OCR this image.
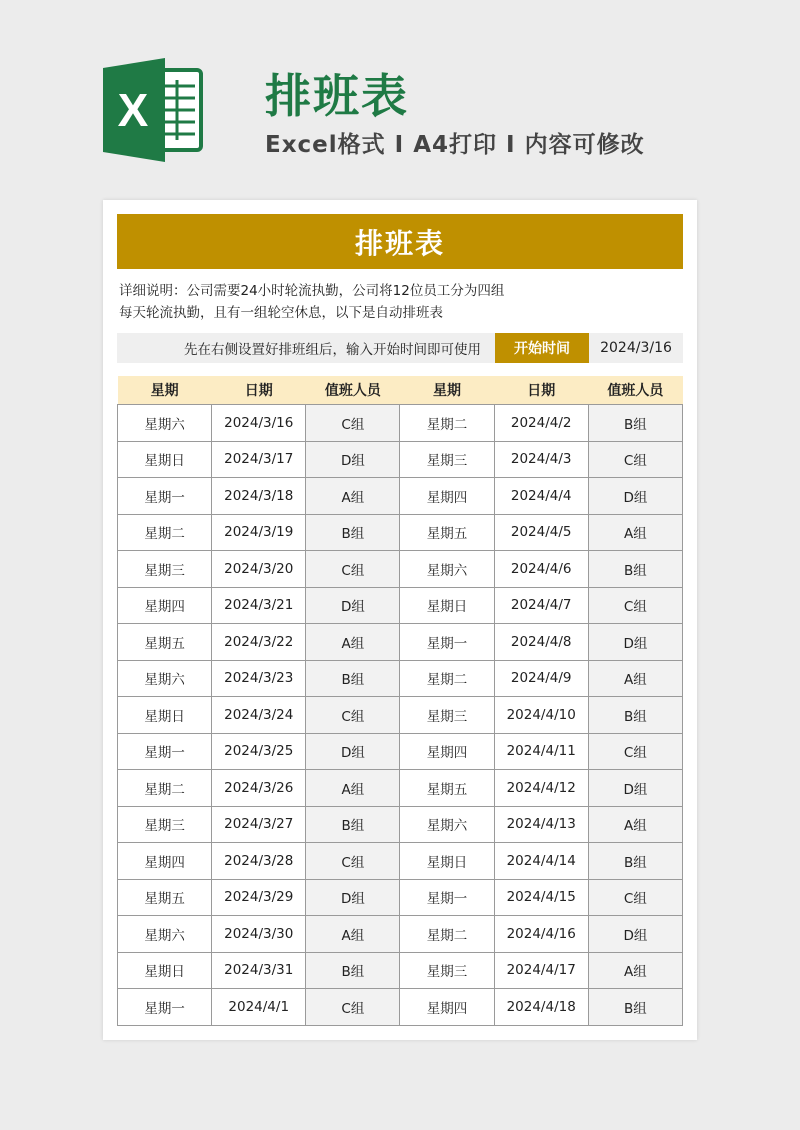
X	排班表
Excel格式 I A4打印 I 内容可修改
排班表
详细说明：公司需要24小时轮流执勤，公司将12位员工分为四组
每天轮流执勤，且有一组轮空休息，以下是自动排班表
先在右侧设置好排班组后，输入开始时间即可使用	开始时间	2024/3/16
星期	日期	值班人员	星期	日期	值班人员
星期六	2024/3/16	C组	星期二	2024/4/2	B组
星期日	2024/3/17	D组	星期三	2024/4/3	C组
星期一	2024/3/18	A组	星期四	2024/4/4	D组
星期二	2024/3/19	B组	星期五	2024/4/5	A组
星期三	2024/3/20	C组	星期六	2024/4/6	B组
星期四	2024/3/21	D组	星期日	2024/4/7	C组
星期五	2024/3/22	A组	星期一	2024/4/8	D组
星期六	2024/3/23	B组	星期二	2024/4/9	A组
星期日	2024/3/24	C组	星期三	2024/4/10	B组
星期一	2024/3/25	D组	星期四	2024/4/11	C组
星期二	2024/3/26	A组	星期五	2024/4/12	D组
星期三	2024/3/27	B组	星期六	2024/4/13	A组
星期四	2024/3/28	C组	星期日	2024/4/14	B组
星期五	2024/3/29	D组	星期一	2024/4/15	C组
星期六	2024/3/30	A组	星期二	2024/4/16	D组
星期日	2024/3/31	B组	星期三	2024/4/17	A组
星期一	2024/4/1	C组	星期四	2024/4/18	B组
